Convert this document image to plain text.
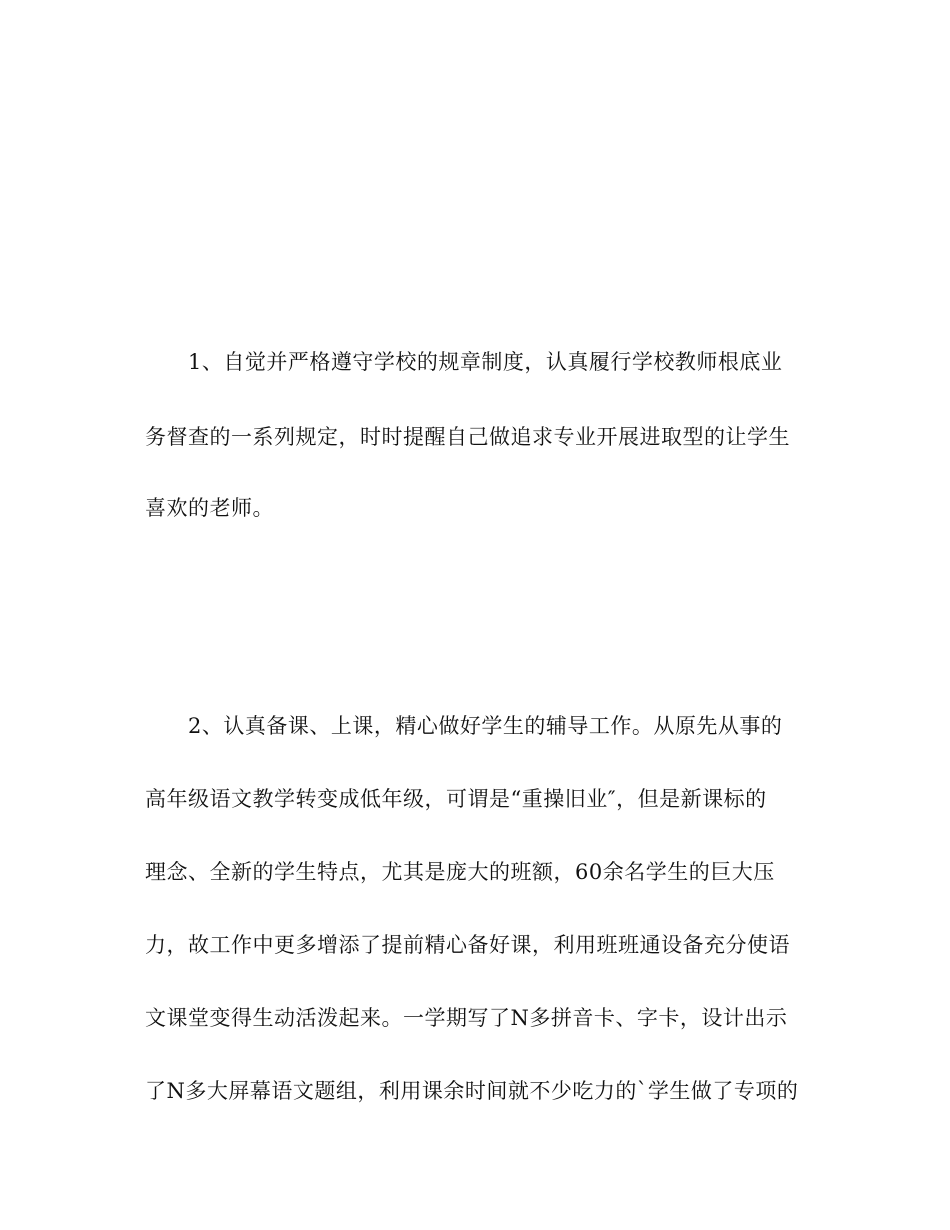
1、自觉并严格遵守学校的规章制度，认真履行学校教师根底业
务督查的一系列规定，时时提醒自己做追求专业开展进取型的让学生
喜欢的老师。
2、认真备课、上课，精心做好学生的辅导工作。从原先从事的
高年级语文教学转变成低年级，可谓是“重操旧业″，但是新课标的
理念、全新的学生特点，尤其是庞大的班额，60余名学生的巨大压
力，故工作中更多增添了提前精心备好课，利用班班通设备充分使语
文课堂变得生动活泼起来。一学期写了N多拼音卡、字卡，设计出示
了N多大屏幕语文题组，利用课余时间就不少吃力的`学生做了专项的
